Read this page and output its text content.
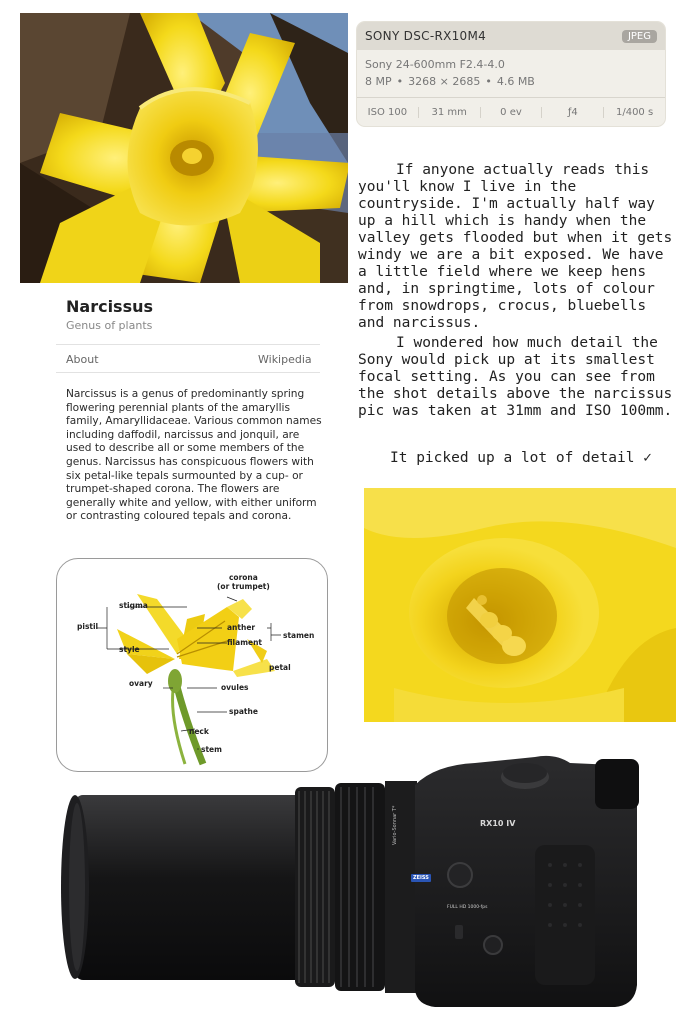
SONY DSC-RX10M4	JPEG
Sony 24-600mm F2.4-4.0
8 MP • 3268 × 2685 • 4.6 MB
ISO 100	31 mm	0 ev	ƒ4	1/400 s
If anyone actually reads this you'll know I live in the countryside. I'm actually half way up a hill which is handy when the valley gets flooded but when it gets windy we are a bit exposed. We have a little field where we keep hens and, in springtime, lots of colour from snowdrops, crocus, bluebells and narcissus.
I wondered how much detail the Sony would pick up at its smallest focal setting. As you can see from the shot details above the narcissus pic was taken at 31mm and ISO 100mm.
It picked up a lot of detail ✓
Narcissus
Genus of plants
About	Wikipedia
Narcissus is a genus of predominantly spring flowering perennial plants of the amaryllis family, Amaryllidaceae. Various common names including daffodil, narcissus and jonquil, are used to describe all or some members of the genus. Narcissus has conspicuous flowers with six petal-like tepals surmounted by a cup- or trumpet-shaped corona. The flowers are generally white and yellow, with either uniform or contrasting coloured tepals and corona.
corona
(or trumpet)
stigma
pistil
style
anther
filament
stamen
petal
ovary	ovules
spathe
neck
stem
RX10 IV
ZEISS
Vario-Sonnar T*
FULL HD 1000-fps
